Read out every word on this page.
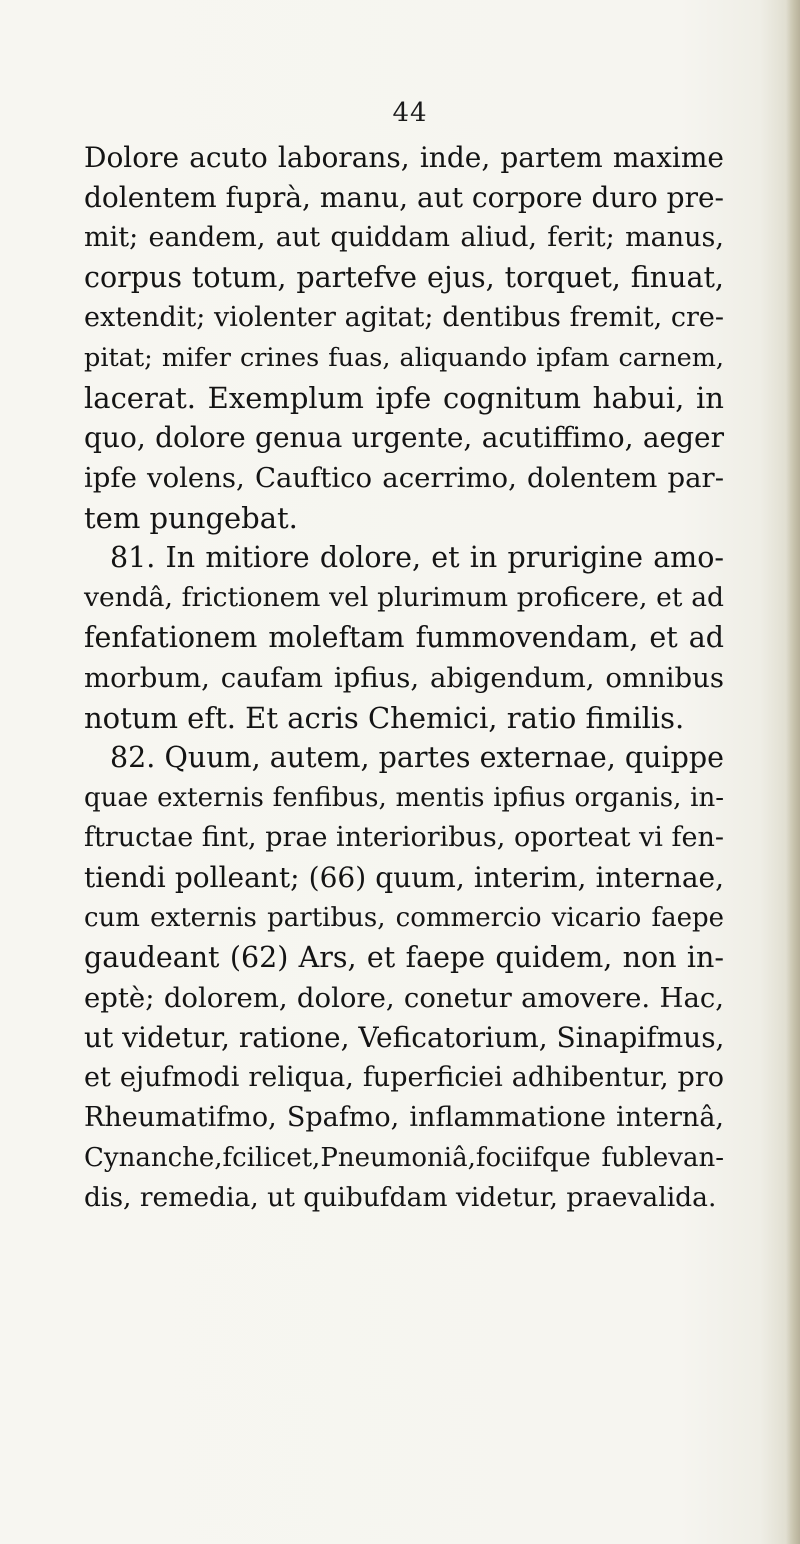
44
Dolore acuto laborans, inde, partem maxime
dolentem fuprà, manu, aut corpore duro pre-
mit; eandem, aut quiddam aliud, ferit; manus,
corpus totum, partefve ejus, torquet, finuat,
extendit; violenter agitat; dentibus fremit, cre-
pitat; mifer crines fuas, aliquando ipfam carnem,
lacerat. Exemplum ipfe cognitum habui, in
quo, dolore genua urgente, acutiffimo, aeger
ipfe volens, Cauftico acerrimo, dolentem par-
tem pungebat.
81. In mitiore dolore, et in prurigine amo-
vendâ, frictionem vel plurimum proficere, et ad
fenfationem moleftam fummovendam, et ad
morbum, caufam ipfius, abigendum, omnibus
notum eft. Et acris Chemici, ratio fimilis.
82. Quum, autem, partes externae, quippe
quae externis fenfibus, mentis ipfius organis, in-
ftructae fint, prae interioribus, oporteat vi fen-
tiendi polleant; (66) quum, interim, internae,
cum externis partibus, commercio vicario faepe
gaudeant (62) Ars, et faepe quidem, non in-
eptè; dolorem, dolore, conetur amovere. Hac,
ut videtur, ratione, Veficatorium, Sinapifmus,
et ejufmodi reliqua, fuperficiei adhibentur, pro
Rheumatifmo, Spafmo, inflammatione internâ,
Cynanche,fcilicet,Pneumoniâ,fociifque fublevan-
dis, remedia, ut quibufdam videtur, praevalida.
